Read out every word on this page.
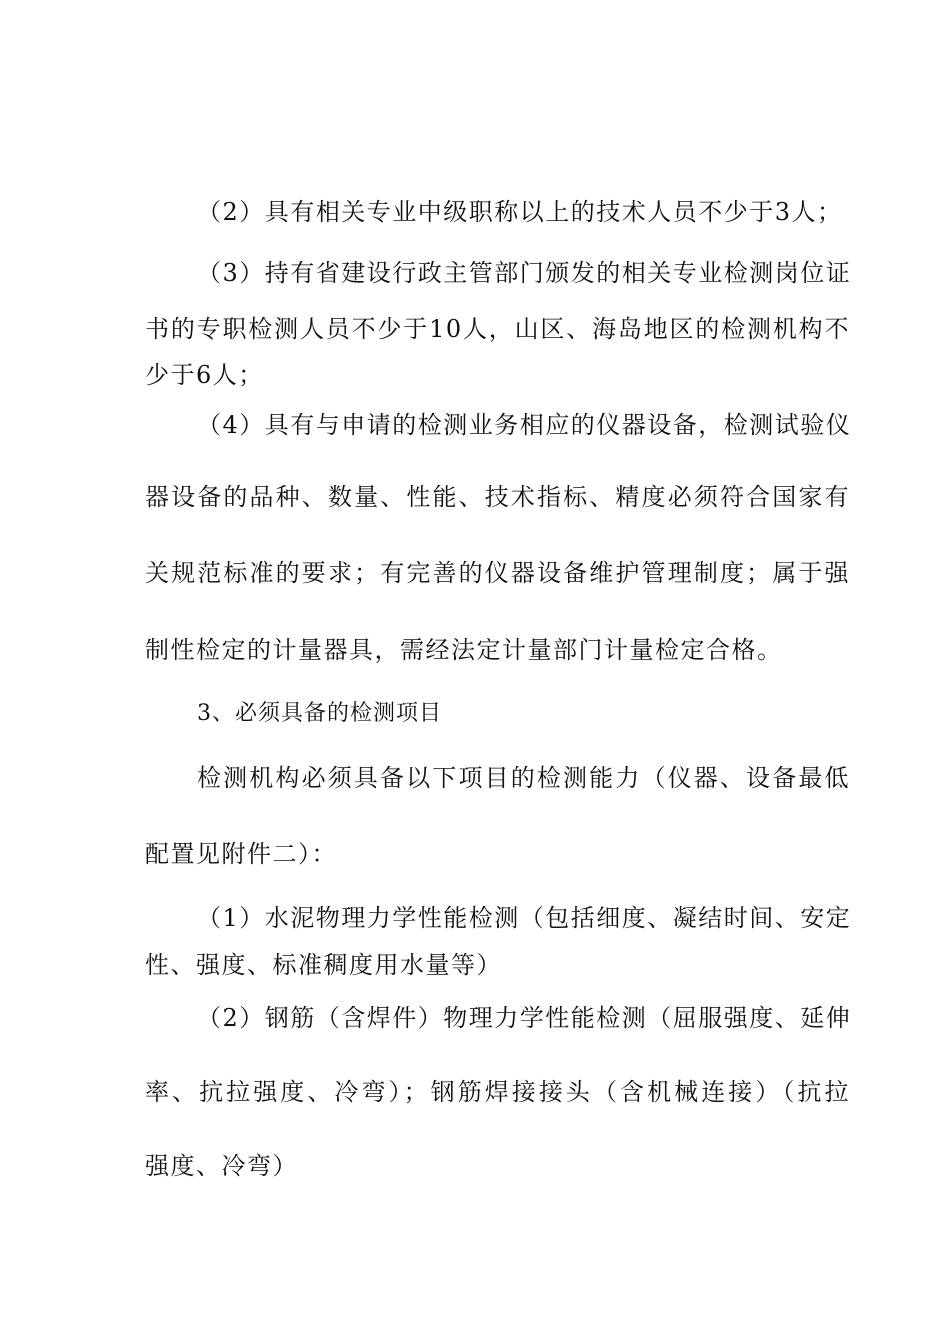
（2）具有相关专业中级职称以上的技术人员不少于3人；
（3）持有省建设行政主管部门颁发的相关专业检测岗位证
书的专职检测人员不少于10人，山区、海岛地区的检测机构不
少于6人；
（4）具有与申请的检测业务相应的仪器设备，检测试验仪
器设备的品种、数量、性能、技术指标、精度必须符合国家有
关规范标准的要求；有完善的仪器设备维护管理制度；属于强
制性检定的计量器具，需经法定计量部门计量检定合格。
3、必须具备的检测项目
检测机构必须具备以下项目的检测能力（仪器、设备最低
配置见附件二）：
（1）水泥物理力学性能检测（包括细度、凝结时间、安定
性、强度、标准稠度用水量等）
（2）钢筋（含焊件）物理力学性能检测（屈服强度、延伸
率、抗拉强度、冷弯）；钢筋焊接接头（含机械连接）（抗拉
强度、冷弯）
